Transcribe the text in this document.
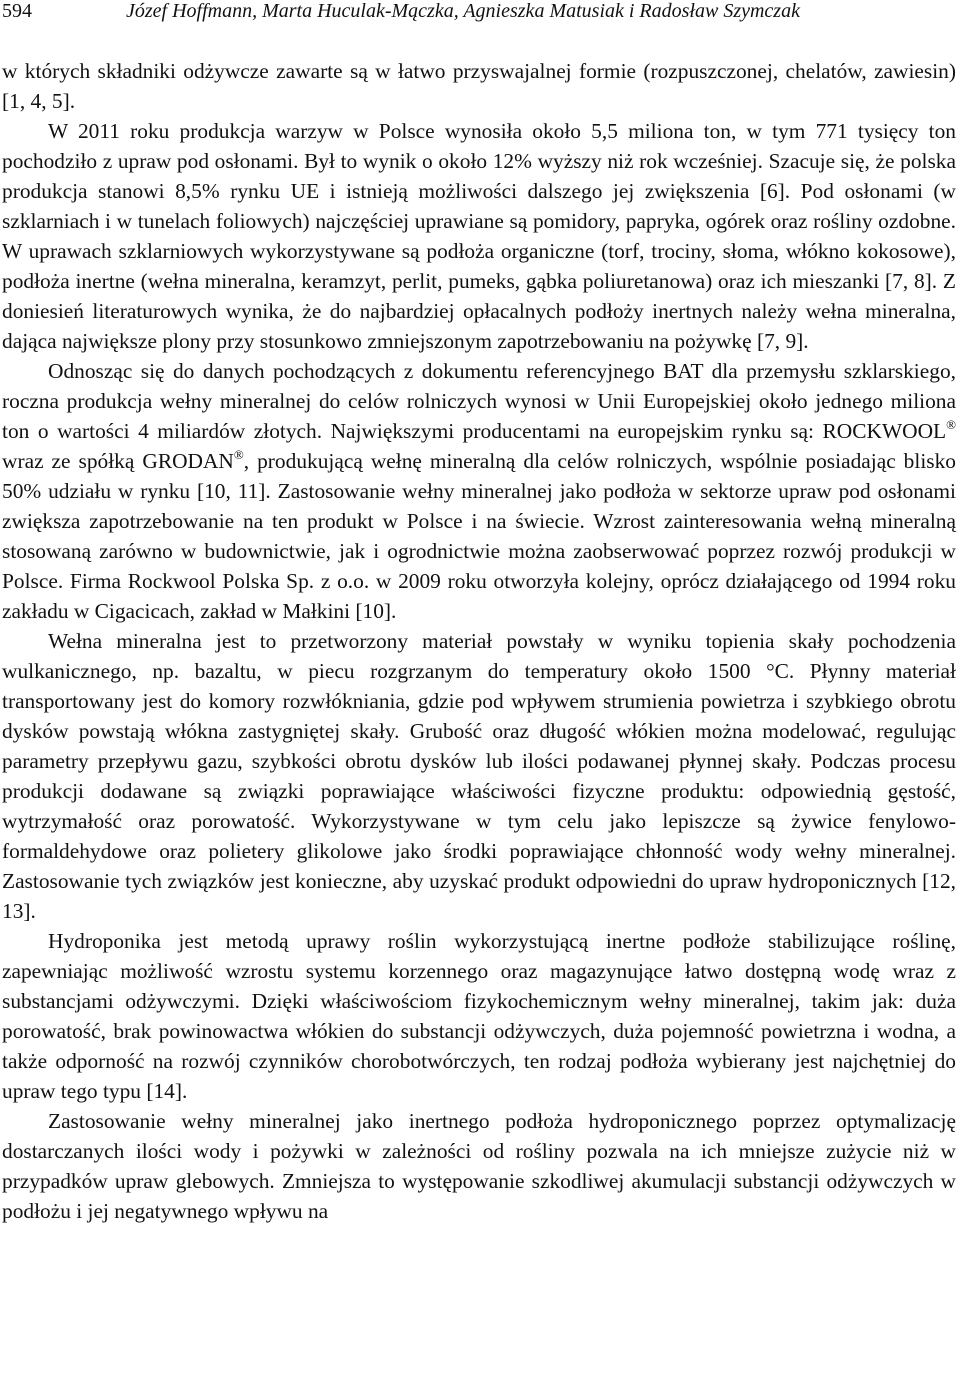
594	Józef Hoffmann, Marta Huculak-Mączka, Agnieszka Matusiak i Radosław Szymczak

w których składniki odżywcze zawarte są w łatwo przyswajalnej formie (rozpuszczonej, chelatów, zawiesin) [1, 4, 5].

W 2011 roku produkcja warzyw w Polsce wynosiła około 5,5 miliona ton, w tym 771 tysięcy ton pochodziło z upraw pod osłonami. Był to wynik o około 12% wyższy niż rok wcześniej. Szacuje się, że polska produkcja stanowi 8,5% rynku UE i istnieją możliwości dalszego jej zwiększenia [6]. Pod osłonami (w szklarniach i w tunelach foliowych) najczęściej uprawiane są pomidory, papryka, ogórek oraz rośliny ozdobne. W uprawach szklarniowych wykorzystywane są podłoża organiczne (torf, trociny, słoma, włókno kokosowe), podłoża inertne (wełna mineralna, keramzyt, perlit, pumeks, gąbka poliuretanowa) oraz ich mieszanki [7, 8]. Z doniesień literaturowych wynika, że do najbardziej opłacalnych podłoży inertnych należy wełna mineralna, dająca największe plony przy stosunkowo zmniejszonym zapotrzebowaniu na pożywkę [7, 9].

Odnosząc się do danych pochodzących z dokumentu referencyjnego BAT dla przemysłu szklarskiego, roczna produkcja wełny mineralnej do celów rolniczych wynosi w Unii Europejskiej około jednego miliona ton o wartości 4 miliardów złotych. Największymi producentami na europejskim rynku są: ROCKWOOL® wraz ze spółką GRODAN®, produkującą wełnę mineralną dla celów rolniczych, wspólnie posiadając blisko 50% udziału w rynku [10, 11]. Zastosowanie wełny mineralnej jako podłoża w sektorze upraw pod osłonami zwiększa zapotrzebowanie na ten produkt w Polsce i na świecie. Wzrost zainteresowania wełną mineralną stosowaną zarówno w budownictwie, jak i ogrodnictwie można zaobserwować poprzez rozwój produkcji w Polsce. Firma Rockwool Polska Sp. z o.o. w 2009 roku otworzyła kolejny, oprócz działającego od 1994 roku zakładu w Cigacicach, zakład w Małkini [10].

Wełna mineralna jest to przetworzony materiał powstały w wyniku topienia skały pochodzenia wulkanicznego, np. bazaltu, w piecu rozgrzanym do temperatury około 1500 °C. Płynny materiał transportowany jest do komory rozwłókniania, gdzie pod wpływem strumienia powietrza i szybkiego obrotu dysków powstają włókna zastygniętej skały. Grubość oraz długość włókien można modelować, regulując parametry przepływu gazu, szybkości obrotu dysków lub ilości podawanej płynnej skały. Podczas procesu produkcji dodawane są związki poprawiające właściwości fizyczne produktu: odpowiednią gęstość, wytrzymałość oraz porowatość. Wykorzystywane w tym celu jako lepiszcze są żywice fenylowo-formaldehydowe oraz polietery glikolowe jako środki poprawiające chłonność wody wełny mineralnej. Zastosowanie tych związków jest konieczne, aby uzyskać produkt odpowiedni do upraw hydroponicznych [12, 13].

Hydroponika jest metodą uprawy roślin wykorzystującą inertne podłoże stabilizujące roślinę, zapewniając możliwość wzrostu systemu korzennego oraz magazynujące łatwo dostępną wodę wraz z substancjami odżywczymi. Dzięki właściwościom fizykochemicznym wełny mineralnej, takim jak: duża porowatość, brak powinowactwa włókien do substancji odżywczych, duża pojemność powietrzna i wodna, a także odporność na rozwój czynników chorobotwórczych, ten rodzaj podłoża wybierany jest najchętniej do upraw tego typu [14].

Zastosowanie wełny mineralnej jako inertnego podłoża hydroponicznego poprzez optymalizację dostarczanych ilości wody i pożywki w zależności od rośliny pozwala na ich mniejsze zużycie niż w przypadków upraw glebowych. Zmniejsza to występowanie szkodliwej akumulacji substancji odżywczych w podłożu i jej negatywnego wpływu na
